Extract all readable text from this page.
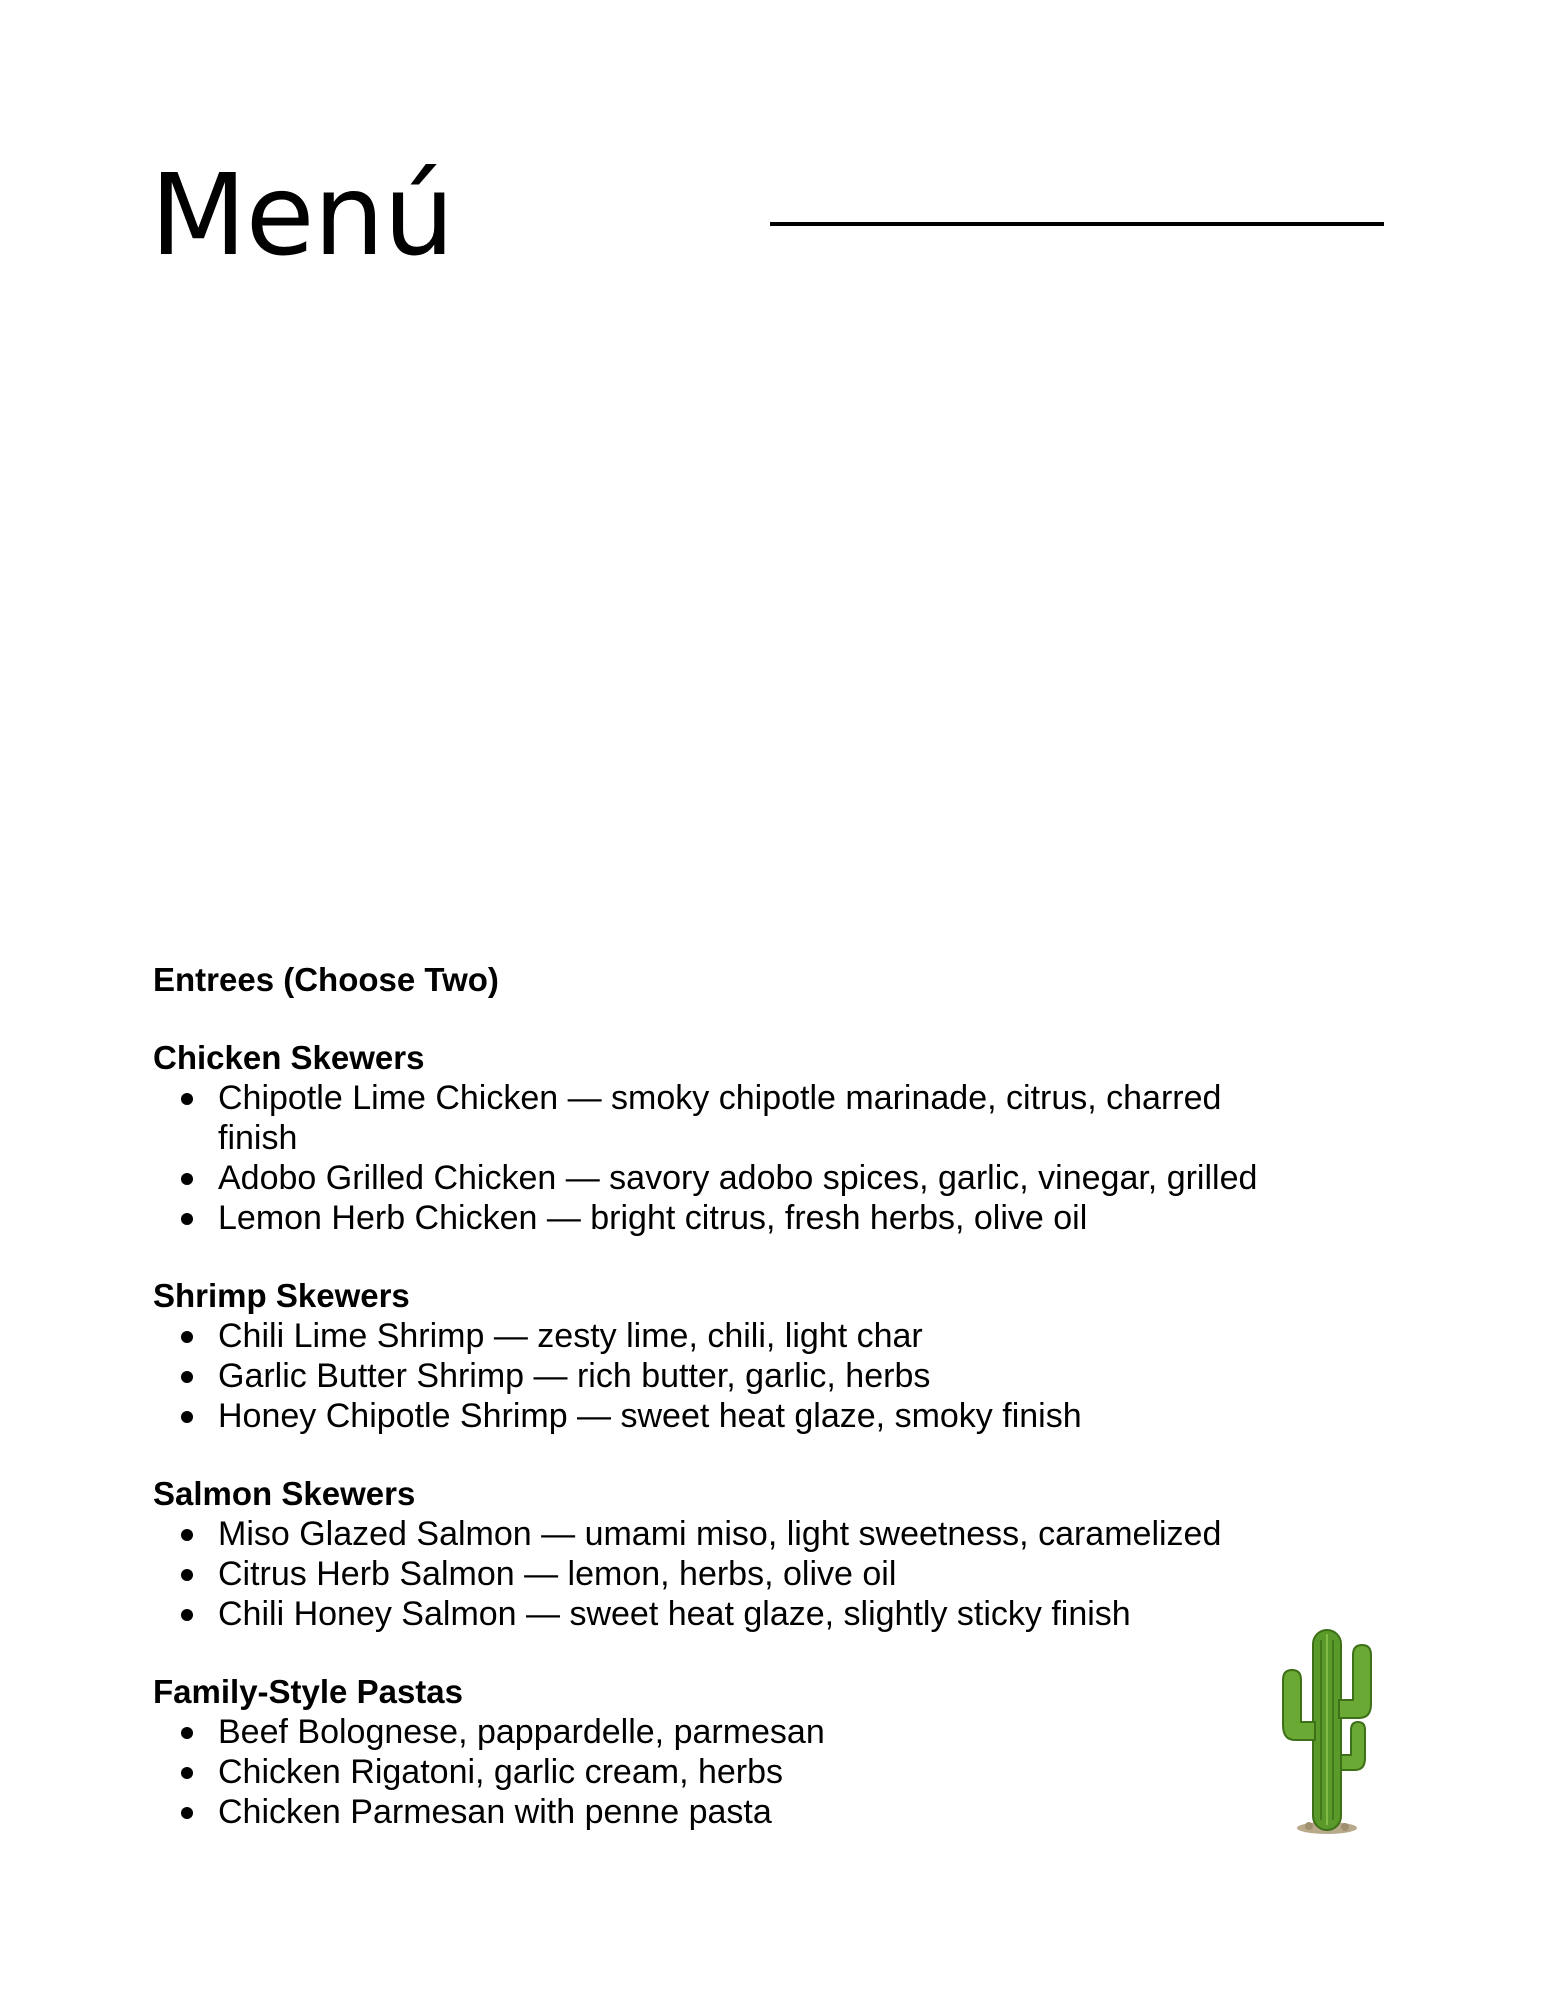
Menú

Entrees (Choose Two)

Chicken Skewers

Chipotle Lime Chicken — smoky chipotle marinade, citrus, charred finish
Adobo Grilled Chicken — savory adobo spices, garlic, vinegar, grilled
Lemon Herb Chicken — bright citrus, fresh herbs, olive oil

Shrimp Skewers

Chili Lime Shrimp — zesty lime, chili, light char
Garlic Butter Shrimp — rich butter, garlic, herbs
Honey Chipotle Shrimp — sweet heat glaze, smoky finish

Salmon Skewers

Miso Glazed Salmon — umami miso, light sweetness, caramelized
Citrus Herb Salmon — lemon, herbs, olive oil
Chili Honey Salmon — sweet heat glaze, slightly sticky finish

Family-Style Pastas

Beef Bolognese, pappardelle, parmesan
Chicken Rigatoni, garlic cream, herbs
Chicken Parmesan with penne pasta
